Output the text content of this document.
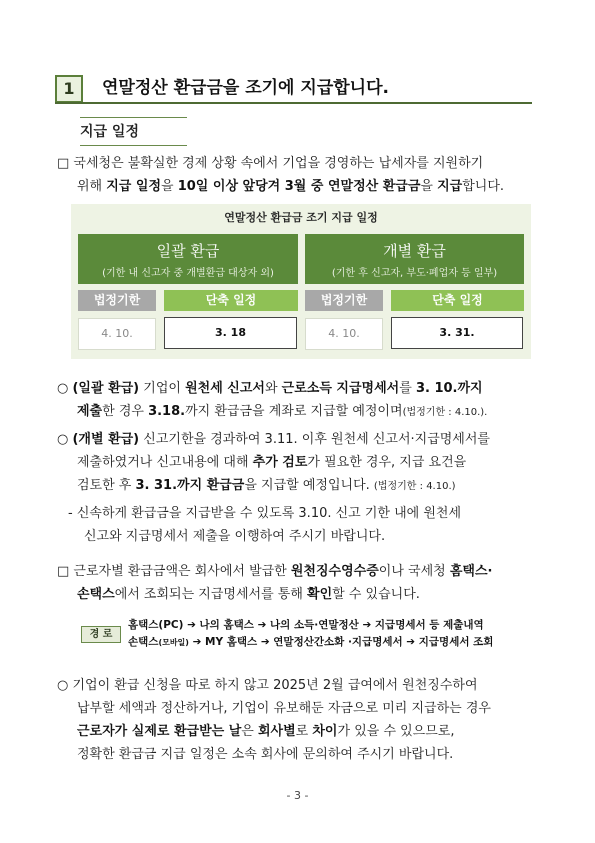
1	연말정산 환급금을 조기에 지급합니다.
지급 일정
□ 국세청은 불확실한 경제 상황 속에서 기업을 경영하는 납세자를 지원하기
위해 지급 일정을 10일 이상 앞당겨 3월 중 연말정산 환급금을 지급합니다.
연말정산 환급금 조기 지급 일정
일괄 환급
(기한 내 신고자 중 개별환급 대상자 외)
개별 환급
(기한 후 신고자, 부도·폐업자 등 일부)
법정기한	단축 일정	법정기한	단축 일정
4. 10.	3. 18	4. 10.	3. 31.
○ (일괄 환급) 기업이 원천세 신고서와 근로소득 지급명세서를 3. 10.까지
제출한 경우 3.18.까지 환급금을 계좌로 지급할 예정이며(법정기한 : 4.10.).
○ (개별 환급) 신고기한을 경과하여 3.11. 이후 원천세 신고서·지급명세서를
제출하였거나 신고내용에 대해 추가 검토가 필요한 경우, 지급 요건을
검토한 후 3. 31.까지 환급금을 지급할 예정입니다. (법정기한 : 4.10.)
- 신속하게 환급금을 지급받을 수 있도록 3.10. 신고 기한 내에 원천세
신고와 지급명세서 제출을 이행하여 주시기 바랍니다.
□ 근로자별 환급금액은 회사에서 발급한 원천징수영수증이나 국세청 홈택스·
손택스에서 조회되는 지급명세서를 통해 확인할 수 있습니다.
경 로
홈택스(PC) ➔ 나의 홈택스 ➔ 나의 소득·연말정산 ➔ 지급명세서 등 제출내역
손택스(모바일) ➔ MY 홈택스 ➔ 연말정산간소화 ·지급명세서 ➔ 지급명세서 조회
○ 기업이 환급 신청을 따로 하지 않고 2025년 2월 급여에서 원천징수하여
납부할 세액과 정산하거나, 기업이 유보해둔 자금으로 미리 지급하는 경우
근로자가 실제로 환급받는 날은 회사별로 차이가 있을 수 있으므로,
정확한 환급금 지급 일정은 소속 회사에 문의하여 주시기 바랍니다.
- 3 -
